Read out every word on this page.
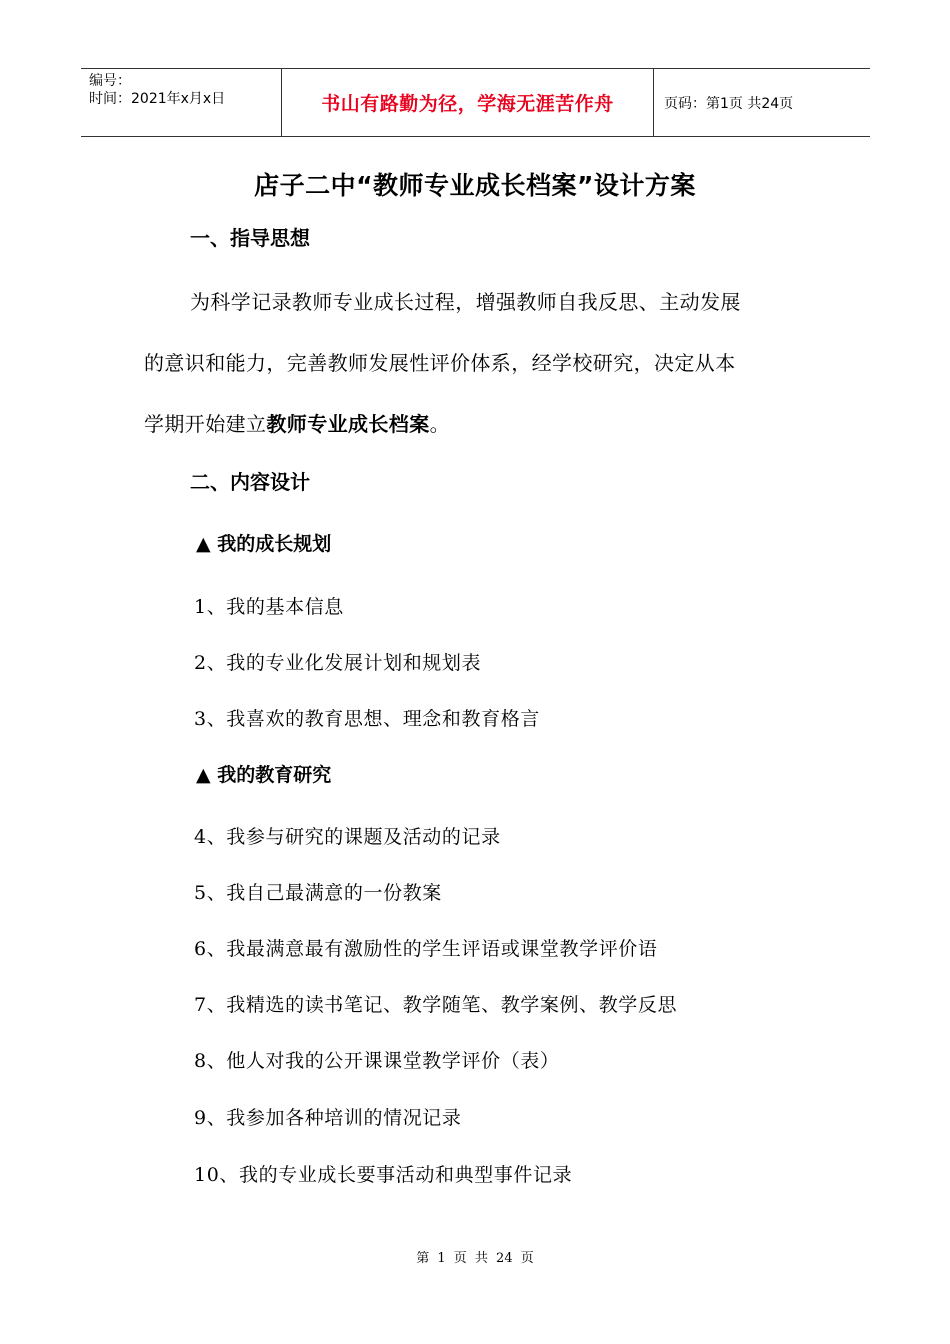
编号：
时间：2021年x月x日	书山有路勤为径，学海无涯苦作舟	页码：第1页 共24页
店子二中“教师专业成长档案”设计方案
一、指导思想
为科学记录教师专业成长过程，增强教师自我反思、主动发展
的意识和能力，完善教师发展性评价体系，经学校研究，决定从本
学期开始建立教师专业成长档案。
二、内容设计
▲ 我的成长规划
1、我的基本信息
2、我的专业化发展计划和规划表
3、我喜欢的教育思想、理念和教育格言
▲ 我的教育研究
4、我参与研究的课题及活动的记录
5、我自己最满意的一份教案
6、我最满意最有激励性的学生评语或课堂教学评价语
7、我精选的读书笔记、教学随笔、教学案例、教学反思
8、他人对我的公开课课堂教学评价（表）
9、我参加各种培训的情况记录
10、我的专业成长要事活动和典型事件记录
第 1 页 共 24 页
